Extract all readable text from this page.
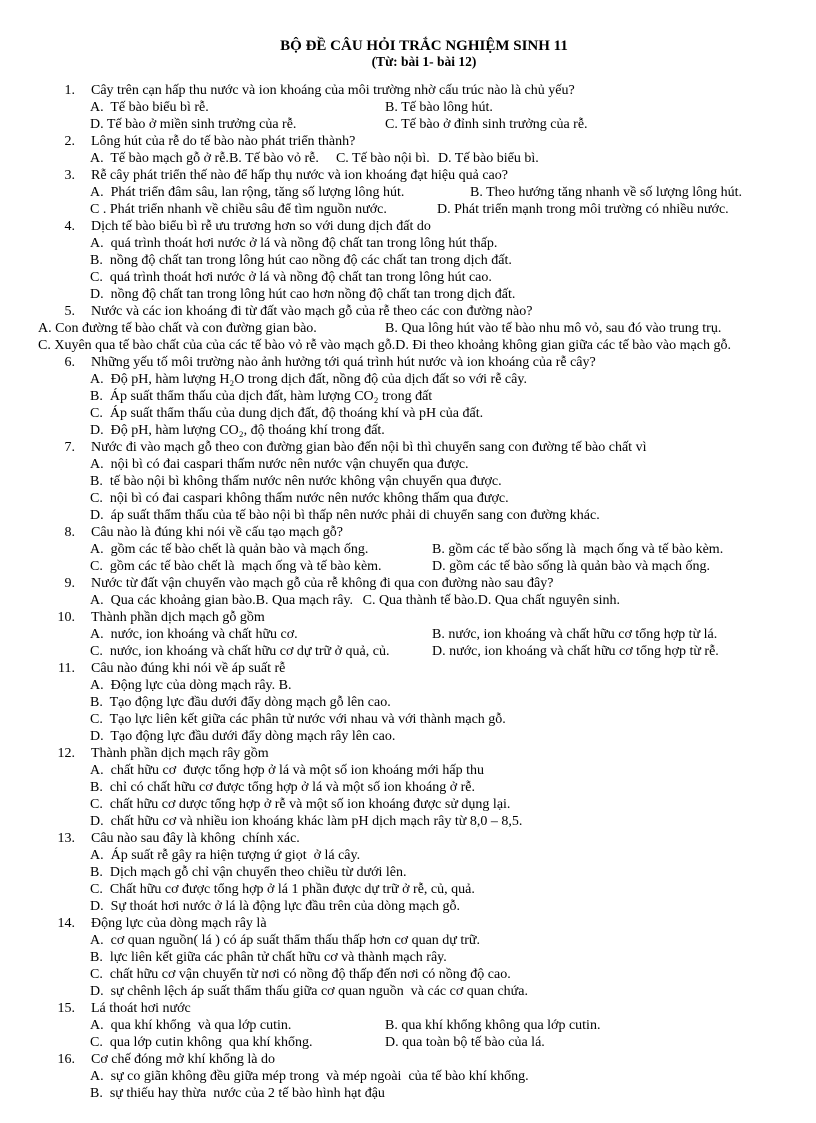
BỘ ĐỀ CÂU HỎI TRẮC NGHIỆM SINH 11
(Từ: bài 1- bài 12)
1.	Cây trên cạn hấp thu nước và ion khoáng của môi trường nhờ cấu trúc nào là chủ yếu?
A.  Tế bào biểu bì rễ.	B. Tế bào lông hút.
D. Tế bào ở miền sinh trưởng của rễ.	C. Tế bào ở đỉnh sinh trưởng của rễ.
2.	Lông hút của rễ do tế bào nào phát triển thành?
A.  Tế bào mạch gỗ ở rễ. B. Tế bào vỏ rễ.	C. Tế bào nội bì. D. Tế bào biểu bì.
3.	Rễ cây phát triển thế nào để hấp thụ nước và ion khoáng đạt hiệu quả cao?
A.  Phát triển đâm sâu, lan rộng, tăng số lượng lông hút.	B. Theo hướng tăng nhanh về số lượng lông hút.
C . Phát triển nhanh về chiều sâu để tìm nguồn nước.	D. Phát triển mạnh trong môi trường có nhiều nước.
4.	Dịch tế bào biểu bì rễ ưu trương hơn so với dung dịch đất do
A.  quá trình thoát hơi nước ở lá và nồng độ chất tan trong lông hút thấp.
B.  nồng độ chất tan trong lông hút cao nồng độ các chất tan trong dịch đất.
C.  quá trình thoát hơi nước ở lá và nồng độ chất tan trong lông hút cao.
D.  nồng độ chất tan trong lông hút cao hơn nồng độ chất tan trong dịch đất.
5.	Nước và các ion khoáng đi từ đất vào mạch gỗ của rễ theo các con đường nào?
A. Con đường tế bào chất và con đường gian bào.	B. Qua lông hút vào tế bào nhu mô vỏ, sau đó vào trung trụ.
C. Xuyên qua tế bào chất của của các tế bào vỏ rễ vào mạch gỗ. D. Đi theo khoảng không gian giữa các tế bào vào mạch gỗ.
6.	Những yếu tố môi trường nào ảnh hưởng tới quá trình hút nước và ion khoáng của rễ cây?
A.  Độ pH, hàm lượng H₂O trong dịch đất, nồng độ của dịch đất so với rễ cây.
B.  Áp suất thẩm thấu của dịch đất, hàm lượng CO₂ trong đất
C.  Áp suất thẩm thấu của dung dịch đất, độ thoáng khí và pH của đất.
D.  Độ pH, hàm lượng CO₂, độ thoáng khí trong đất.
7.	Nước đi vào mạch gỗ theo con đường gian bào đến nội bì thì chuyển sang con đường tế bào chất vì
A.  nội bì có đai caspari thấm nước nên nước vận chuyển qua được.
B.  tế bào nội bì không thấm nước nên nước không vận chuyển qua được.
C.  nội bì có đai caspari không thấm nước nên nước không thấm qua được.
D.  áp suất thẩm thấu của tế bào nội bì thấp nên nước phải di chuyển sang con đường khác.
8.	Câu nào là đúng khi nói về cấu tạo mạch gỗ?
A.  gồm các tế bào chết là quản bào và mạch ống.	B. gồm các tế bào sống là  mạch ống và tế bào kèm.
C.  gồm các tế bào chết là  mạch ống và tế bào kèm.	D. gồm các tế bào sống là quản bào và mạch ống.
9.	Nước từ đất vận chuyển vào mạch gỗ của rễ không đi qua con đường nào sau đây?
A.  Qua các khoảng gian bào. B. Qua mạch rây. C. Qua thành tế bào. D. Qua chất nguyên sinh.
10.	Thành phần dịch mạch gỗ gồm
A.  nước, ion khoáng và chất hữu cơ.	B. nước, ion khoáng và chất hữu cơ tổng hợp từ lá.
C.  nước, ion khoáng và chất hữu cơ dự trữ ở quả, củ.	D. nước, ion khoáng và chất hữu cơ tổng hợp từ rễ.
11.	Câu nào đúng khi nói về áp suất rễ
A.  Động lực của dòng mạch rây. B.
B.  Tạo động lực đầu dưới đẩy dòng mạch gỗ lên cao.
C.  Tạo lực liên kết giữa các phân tử nước với nhau và với thành mạch gỗ.
D.  Tạo động lực đầu dưới đẩy dòng mạch rây lên cao.
12.	Thành phần dịch mạch rây gồm
A.  chất hữu cơ  được tổng hợp ở lá và một số ion khoáng mới hấp thu
B.  chỉ có chất hữu cơ được tổng hợp ở lá và một số ion khoáng ở rễ.
C.  chất hữu cơ dược tổng hợp ở rễ và một số ion khoáng được sử dụng lại.
D.  chất hữu cơ và nhiều ion khoáng khác làm pH dịch mạch rây từ 8,0 – 8,5.
13.	Câu nào sau đây là không  chính xác.
A.  Áp suất rễ gây ra hiện tượng ứ giọt  ở lá cây.
B.  Dịch mạch gỗ chỉ vận chuyển theo chiều từ dưới lên.
C.  Chất hữu cơ được tổng hợp ở lá 1 phần được dự trữ ở rễ, củ, quả.
D.  Sự thoát hơi nước ở lá là động lực đầu trên của dòng mạch gỗ.
14.	Động lực của dòng mạch rây là
A.  cơ quan nguồn( lá ) có áp suất thẩm thấu thấp hơn cơ quan dự trữ.
B.  lực liên kết giữa các phân tử chất hữu cơ và thành mạch rây.
C.  chất hữu cơ vận chuyển từ nơi có nồng độ thấp đến nơi có nồng độ cao.
D.  sự chênh lệch áp suất thẩm thấu giữa cơ quan nguồn  và các cơ quan chứa.
15.	Lá thoát hơi nước
A.  qua khí khổng  và qua lớp cutin.	B. qua khí khổng không qua lớp cutin.
C.  qua lớp cutin không  qua khí khổng.	D. qua toàn bộ tế bào của lá.
16.	Cơ chế đóng mở khí khổng là do
A.  sự co giãn không đều giữa mép trong  và mép ngoài  của tế bào khí khổng.
B.  sự thiếu hay thừa  nước của 2 tế bào hình hạt đậu
